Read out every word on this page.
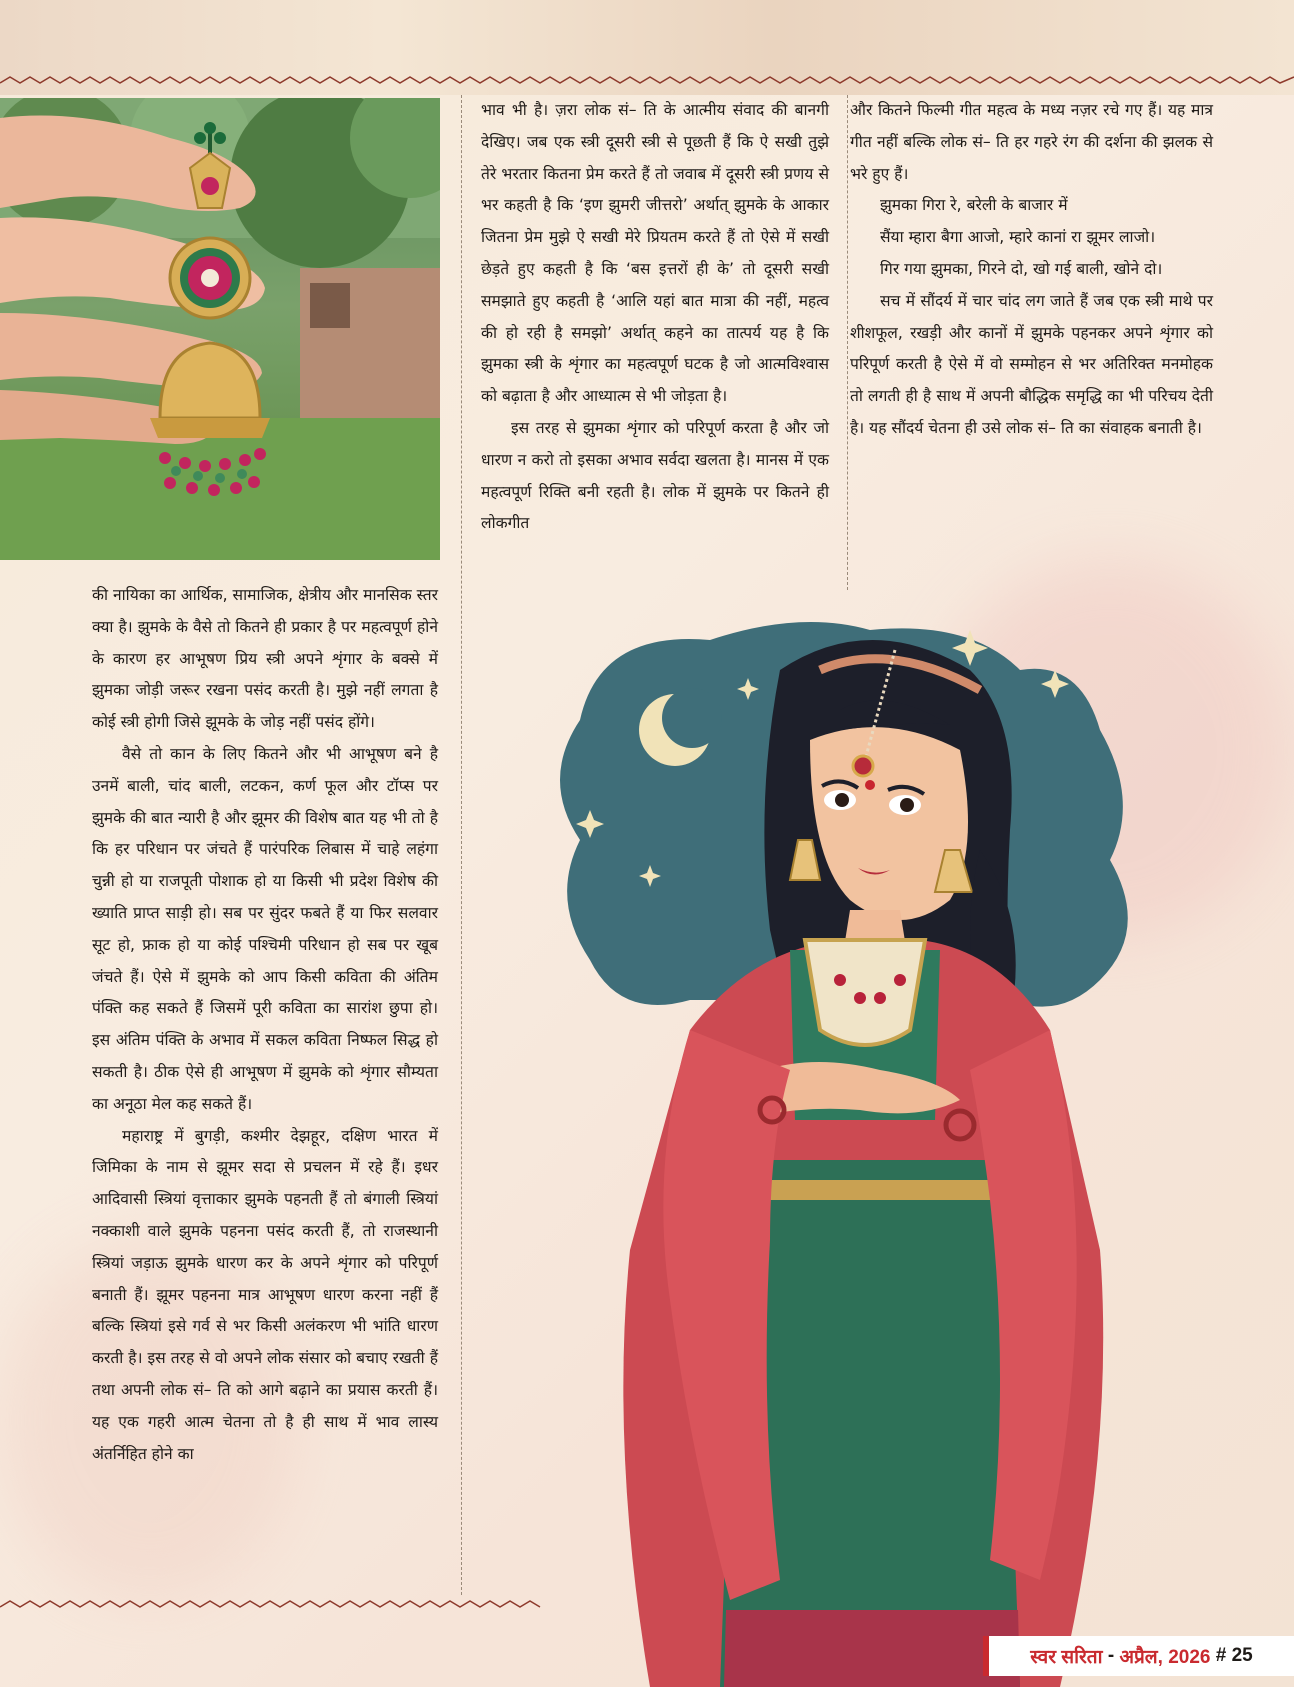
की नायिका का आर्थिक, सामाजिक, क्षेत्रीय और मानसिक स्तर क्या है। झुमके के वैसे तो कितने ही प्रकार है पर महत्वपूर्ण होने के कारण हर आभूषण प्रिय स्त्री अपने शृंगार के बक्से में झुमका जोड़ी जरूर रखना पसंद करती है। मुझे नहीं लगता है कोई स्त्री होगी जिसे झूमके के जोड़ नहीं पसंद होंगे।

वैसे तो कान के लिए कितने और भी आभूषण बने है उनमें बाली, चांद बाली, लटकन, कर्ण फूल और टॉप्स पर झुमके की बात न्यारी है और झूमर की विशेष बात यह भी तो है कि हर परिधान पर जंचते हैं पारंपरिक लिबास में चाहे लहंगा चुन्नी हो या राजपूती पोशाक हो या किसी भी प्रदेश विशेष की ख्याति प्राप्त साड़ी हो। सब पर सुंदर फबते हैं या फिर सलवार सूट हो, फ्राक हो या कोई पश्चिमी परिधान हो सब पर खूब जंचते हैं। ऐसे में झुमके को आप किसी कविता की अंतिम पंक्ति कह सकते हैं जिसमें पूरी कविता का सारांश छुपा हो। इस अंतिम पंक्ति के अभाव में सकल कविता निष्फल सिद्ध हो सकती है। ठीक ऐसे ही आभूषण में झुमके को शृंगार सौम्यता का अनूठा मेल कह सकते हैं।

महाराष्ट्र में बुगड़ी, कश्मीर देझहूर, दक्षिण भारत में जिमिका के नाम से झूमर सदा से प्रचलन में रहे हैं। इधर आदिवासी स्त्रियां वृत्ताकार झुमके पहनती हैं तो बंगाली स्त्रियां नक्काशी वाले झुमके पहनना पसंद करती हैं, तो राजस्थानी स्त्रियां जड़ाऊ झुमके धारण कर के अपने शृंगार को परिपूर्ण बनाती हैं। झूमर पहनना मात्र आभूषण धारण करना नहीं हैं बल्कि स्त्रियां इसे गर्व से भर किसी अलंकरण भी भांति धारण करती है। इस तरह से वो अपने लोक संसार को बचाए रखती हैं तथा अपनी लोक सं– ति को आगे बढ़ाने का प्रयास करती हैं। यह एक गहरी आत्म चेतना तो है ही साथ में भाव लास्य अंतर्निहित होने का

भाव भी है। ज़रा लोक सं– ति के आत्मीय संवाद की बानगी देखिए। जब एक स्त्री दूसरी स्त्री से पूछती हैं कि ऐ सखी तुझे तेरे भरतार कितना प्रेम करते हैं तो जवाब में दूसरी स्त्री प्रणय से भर कहती है कि ‘इण झुमरी जीत्तरो’ अर्थात् झुमके के आकार जितना प्रेम मुझे ऐ सखी मेरे प्रियतम करते हैं तो ऐसे में सखी छेड़ते हुए कहती है कि ‘बस इत्तरों ही के’ तो दूसरी सखी समझाते हुए कहती है ‘आलि यहां बात मात्रा की नहीं, महत्व की हो रही है समझो’ अर्थात् कहने का तात्पर्य यह है कि झुमका स्त्री के शृंगार का महत्वपूर्ण घटक है जो आत्मविश्वास को बढ़ाता है और आध्यात्म से भी जोड़ता है।

इस तरह से झुमका शृंगार को परिपूर्ण करता है और जो धारण न करो तो इसका अभाव सर्वदा खलता है। मानस में एक महत्वपूर्ण रिक्ति बनी रहती है। लोक में झुमके पर कितने ही लोकगीत

और कितने फिल्मी गीत महत्व के मध्य नज़र रचे गए हैं। यह मात्र गीत नहीं बल्कि लोक सं– ति हर गहरे रंग की दर्शना की झलक से भरे हुए हैं।

झुमका गिरा रे, बरेली के बाजार में

सैंया म्हारा बैगा आजो, म्हारे कानां रा झूमर लाजो।

गिर गया झुमका, गिरने दो, खो गई बाली, खोने दो।

सच में सौंदर्य में चार चांद लग जाते हैं जब एक स्त्री माथे पर शीशफूल, रखड़ी और कानों में झुमके पहनकर अपने शृंगार को परिपूर्ण करती है ऐसे में वो सम्मोहन से भर अतिरिक्त मनमोहक तो लगती ही है साथ में अपनी बौद्धिक समृद्धि का भी परिचय देती है। यह सौंदर्य चेतना ही उसे लोक सं– ति का संवाहक बनाती है।

स्वर सरिता - अप्रैल, 2026 # 25
